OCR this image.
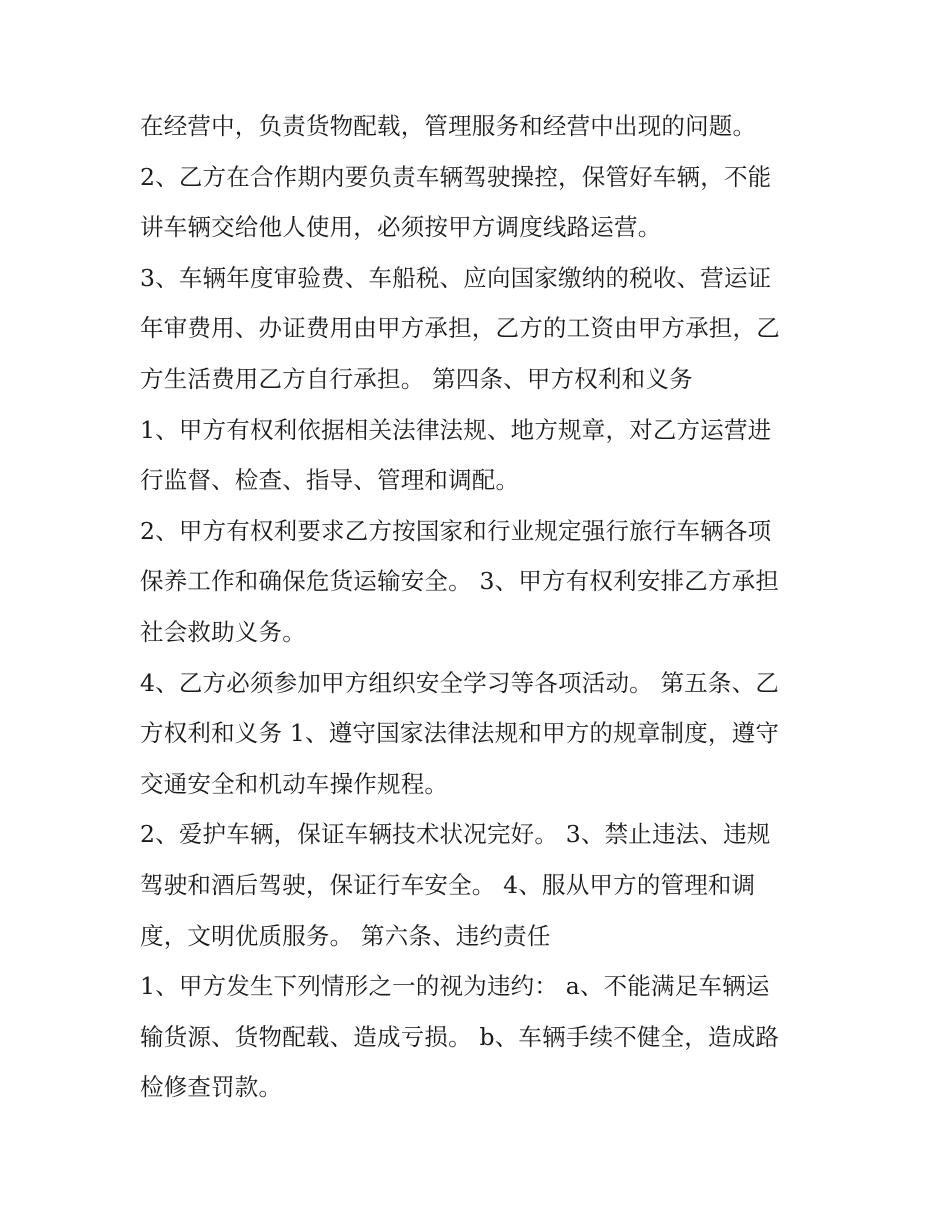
在经营中，负责货物配载，管理服务和经营中出现的问题。
2、乙方在合作期内要负责车辆驾驶操控，保管好车辆，不能
讲车辆交给他人使用，必须按甲方调度线路运营。
3、车辆年度审验费、车船税、应向国家缴纳的税收、营运证
年审费用、办证费用由甲方承担，乙方的工资由甲方承担，乙
方生活费用乙方自行承担。 第四条、甲方权利和义务
1、甲方有权利依据相关法律法规、地方规章，对乙方运营进
行监督、检查、指导、管理和调配。
2、甲方有权利要求乙方按国家和行业规定强行旅行车辆各项
保养工作和确保危货运输安全。 3、甲方有权利安排乙方承担
社会救助义务。
4、乙方必须参加甲方组织安全学习等各项活动。 第五条、乙
方权利和义务 1、遵守国家法律法规和甲方的规章制度，遵守
交通安全和机动车操作规程。
2、爱护车辆，保证车辆技术状况完好。 3、禁止违法、违规
驾驶和酒后驾驶，保证行车安全。 4、服从甲方的管理和调
度，文明优质服务。 第六条、违约责任
1、甲方发生下列情形之一的视为违约： a、不能满足车辆运
输货源、货物配载、造成亏损。 b、车辆手续不健全，造成路
检修查罚款。
